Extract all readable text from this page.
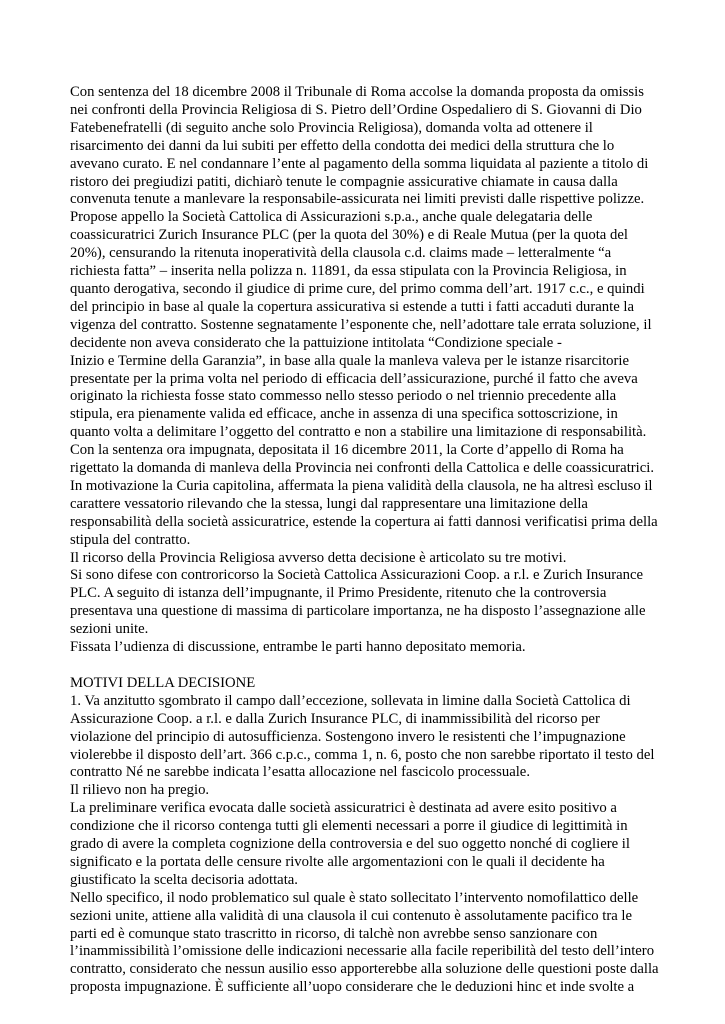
Con sentenza del 18 dicembre 2008 il Tribunale di Roma accolse la domanda proposta da omissis nei confronti della Provincia Religiosa di S. Pietro dell’Ordine Ospedaliero di S. Giovanni di Dio Fatebenefratelli (di seguito anche solo Provincia Religiosa), domanda volta ad ottenere il risarcimento dei danni da lui subiti per effetto della condotta dei medici della struttura che lo avevano curato. E nel condannare l’ente al pagamento della somma liquidata al paziente a titolo di ristoro dei pregiudizi patiti, dichiarò tenute le compagnie assicurative chiamate in causa dalla convenuta tenute a manlevare la responsabile-assicurata nei limiti previsti dalle rispettive polizze.

Propose appello la Società Cattolica di Assicurazioni s.p.a., anche quale delegataria delle coassicuratrici Zurich Insurance PLC (per la quota del 30%) e di Reale Mutua (per la quota del 20%), censurando la ritenuta inoperatività della clausola c.d. claims made – letteralmente “a richiesta fatta” – inserita nella polizza n. 11891, da essa stipulata con la Provincia Religiosa, in quanto derogativa, secondo il giudice di prime cure, del primo comma dell’art. 1917 c.c., e quindi del principio in base al quale la copertura assicurativa si estende a tutti i fatti accaduti durante la vigenza del contratto. Sostenne segnatamente l’esponente che, nell’adottare tale errata soluzione, il decidente non aveva considerato che la pattuizione intitolata “Condizione speciale -

Inizio e Termine della Garanzia”, in base alla quale la manleva valeva per le istanze risarcitorie presentate per la prima volta nel periodo di efficacia dell’assicurazione, purché il fatto che aveva originato la richiesta fosse stato commesso nello stesso periodo o nel triennio precedente alla stipula, era pienamente valida ed efficace, anche in assenza di una specifica sottoscrizione, in quanto volta a delimitare l’oggetto del contratto e non a stabilire una limitazione di responsabilità.

Con la sentenza ora impugnata, depositata il 16 dicembre 2011, la Corte d’appello di Roma ha rigettato la domanda di manleva della Provincia nei confronti della Cattolica e delle coassicuratrici. In motivazione la Curia capitolina, affermata la piena validità della clausola, ne ha altresì escluso il carattere vessatorio rilevando che la stessa, lungi dal rappresentare una limitazione della responsabilità della società assicuratrice, estende la copertura ai fatti dannosi verificatisi prima della stipula del contratto.

Il ricorso della Provincia Religiosa avverso detta decisione è articolato su tre motivi.

Si sono difese con controricorso la Società Cattolica Assicurazioni Coop. a r.l. e Zurich Insurance PLC. A seguito di istanza dell’impugnante, il Primo Presidente, ritenuto che la controversia presentava una questione di massima di particolare importanza, ne ha disposto l’assegnazione alle sezioni unite.

Fissata l’udienza di discussione, entrambe le parti hanno depositato memoria.

MOTIVI DELLA DECISIONE

1. Va anzitutto sgombrato il campo dall’eccezione, sollevata in limine dalla Società Cattolica di Assicurazione Coop. a r.l. e dalla Zurich Insurance PLC, di inammissibilità del ricorso per violazione del principio di autosufficienza. Sostengono invero le resistenti che l’impugnazione violerebbe il disposto dell’art. 366 c.p.c., comma 1, n. 6, posto che non sarebbe riportato il testo del contratto Né ne sarebbe indicata l’esatta allocazione nel fascicolo processuale.

Il rilievo non ha pregio.

La preliminare verifica evocata dalle società assicuratrici è destinata ad avere esito positivo a condizione che il ricorso contenga tutti gli elementi necessari a porre il giudice di legittimità in grado di avere la completa cognizione della controversia e del suo oggetto nonché di cogliere il significato e la portata delle censure rivolte alle argomentazioni con le quali il decidente ha giustificato la scelta decisoria adottata.

Nello specifico, il nodo problematico sul quale è stato sollecitato l’intervento nomofilattico delle sezioni unite, attiene alla validità di una clausola il cui contenuto è assolutamente pacifico tra le parti ed è comunque stato trascritto in ricorso, di talchè non avrebbe senso sanzionare con l’inammissibilità l’omissione delle indicazioni necessarie alla facile reperibilità del testo dell’intero contratto, considerato che nessun ausilio esso apporterebbe alla soluzione delle questioni poste dalla proposta impugnazione. È sufficiente all’uopo considerare che le deduzioni hinc et inde svolte a
